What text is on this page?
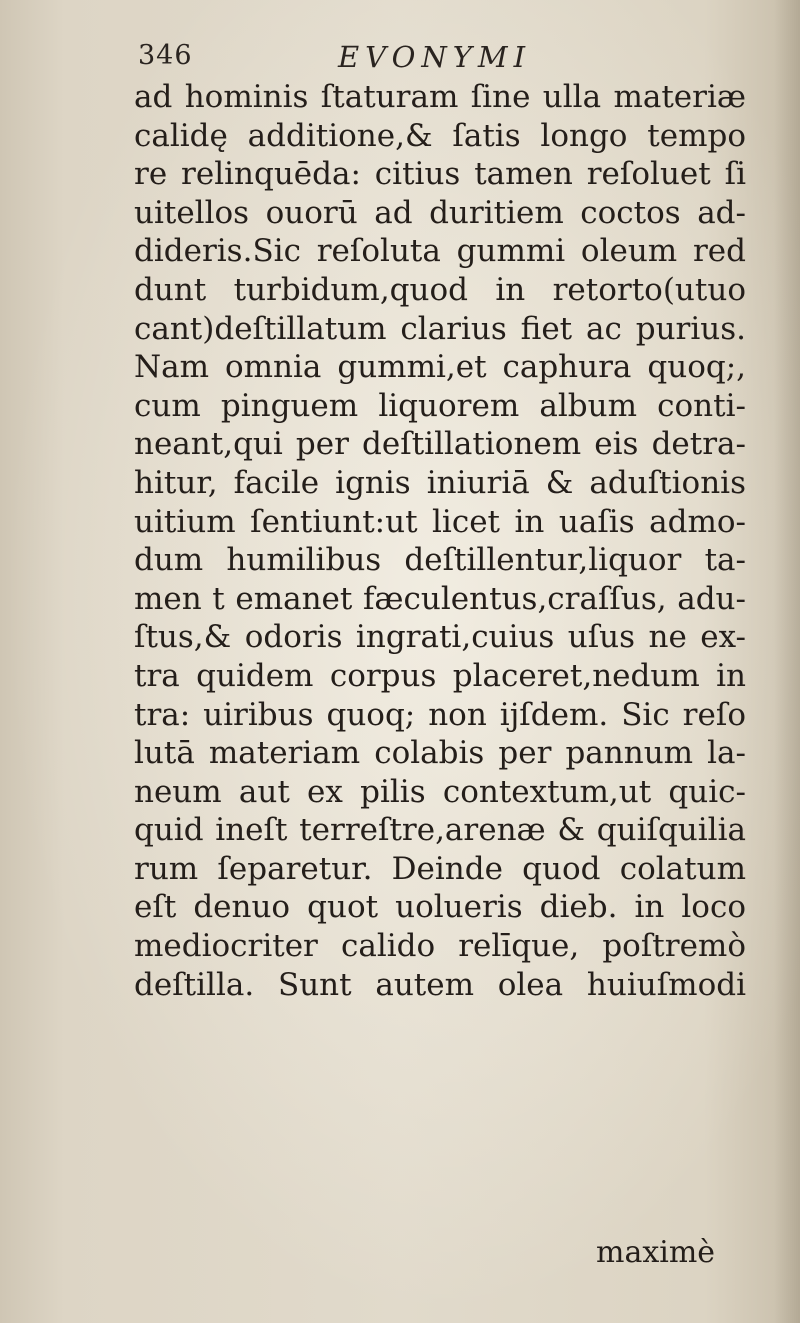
346	EVONYMI
ad hominis ſtaturam ſine ulla materiæ
calidę additione,& ſatis longo tempo
re relinquēda: citius tamen reſoluet ſi
uitellos ouorū ad duritiem coctos ad-
dideris.Sic reſoluta gummi oleum red
dunt turbidum,quod in retorto(utuo
cant)deſtillatum clarius fiet ac purius.
Nam omnia gummi,et caphura quoq;,
cum pinguem liquorem album conti-
neant,qui per deſtillationem eis detra-
hitur, facile ignis iniuriā & aduſtionis
uitium ſentiunt:ut licet in uaſis admo-
dum humilibus deſtillentur,liquor ta-
men t emanet fæculentus,craſſus, adu-
ſtus,& odoris ingrati,cuius uſus ne ex-
tra quidem corpus placeret,nedum in
tra: uiribus quoq; non ijſdem. Sic reſo
lutā materiam colabis per pannum la-
neum aut ex pilis contextum,ut quic-
quid ineſt terreſtre,arenæ & quiſquilia
rum ſeparetur. Deinde quod colatum
eſt denuo quot uolueris dieb. in loco
mediocriter calido relīque, poſtremò
deſtilla. Sunt autem olea huiuſmodi
maximè
